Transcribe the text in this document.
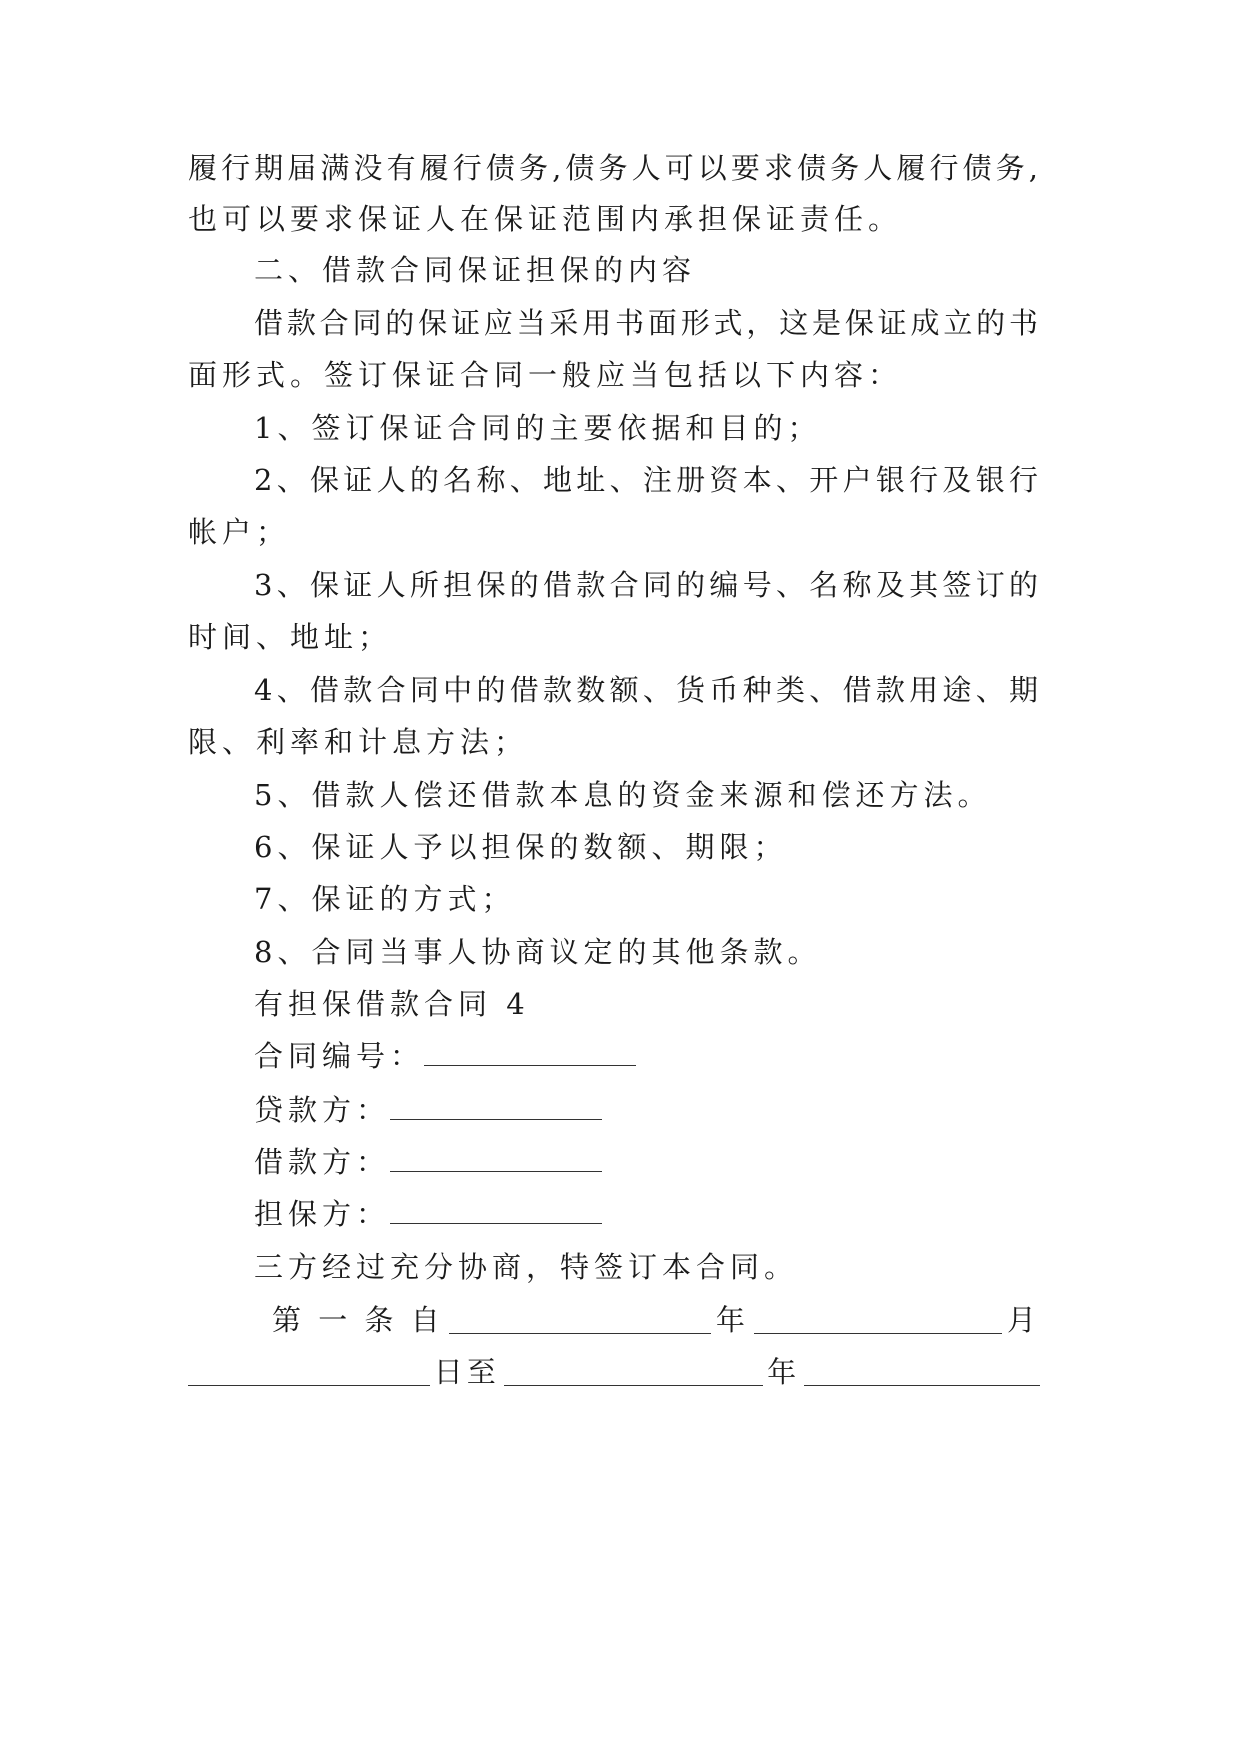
履行期届满没有履行债务,债务人可以要求债务人履行债务,
也可以要求保证人在保证范围内承担保证责任。
二、借款合同保证担保的内容
借款合同的保证应当采用书面形式，这是保证成立的书
面形式。签订保证合同一般应当包括以下内容：
1、签订保证合同的主要依据和目的；
2、保证人的名称、地址、注册资本、开户银行及银行
帐户；
3、保证人所担保的借款合同的编号、名称及其签订的
时间、地址；
4、借款合同中的借款数额、货币种类、借款用途、期
限、利率和计息方法；
5、借款人偿还借款本息的资金来源和偿还方法。
6、保证人予以担保的数额、期限；
7、保证的方式；
8、合同当事人协商议定的其他条款。
有担保借款合同 4
合同编号：
贷款方：
借款方：
担保方：
三方经过充分协商，特签订本合同。
第 一 条 自	年	月
日至	年
